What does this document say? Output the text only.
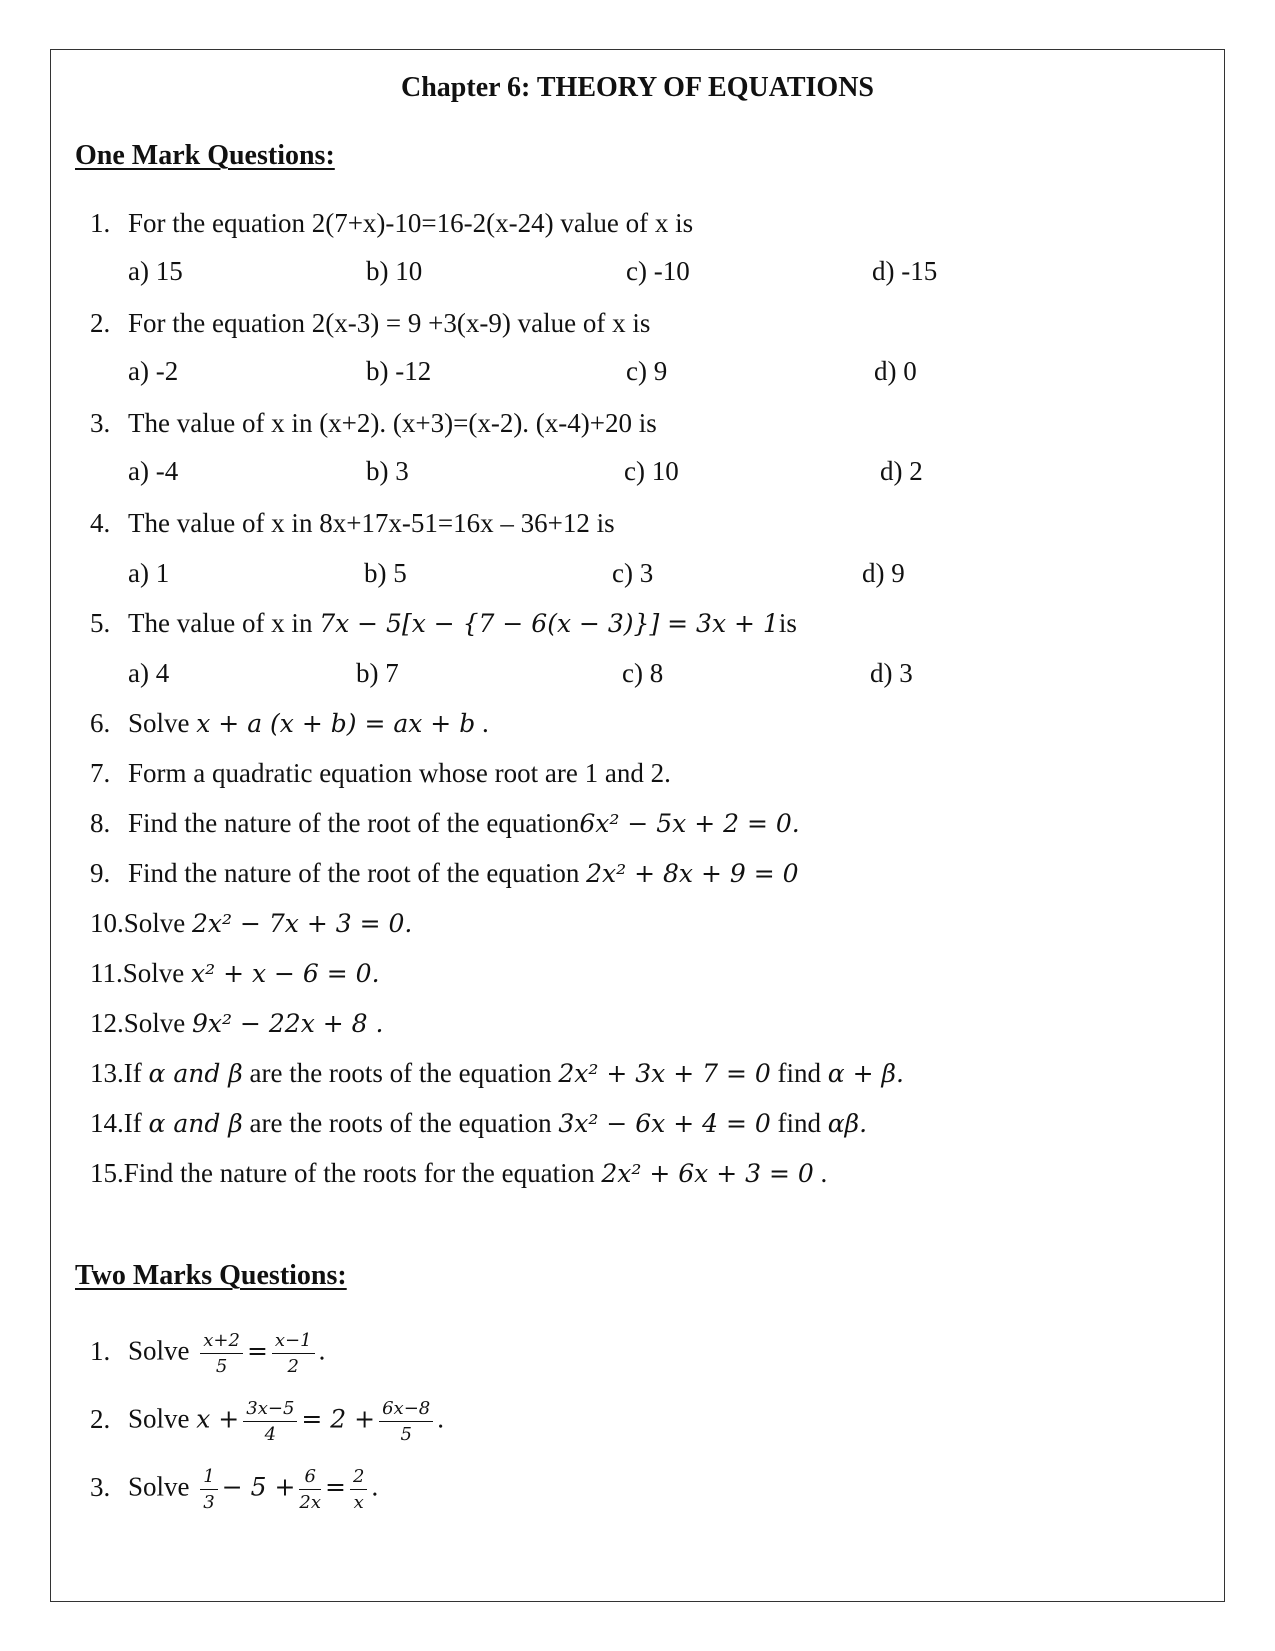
Chapter 6: THEORY OF EQUATIONS
One Mark Questions:
1. For the equation 2(7+x)-10=16-2(x-24) value of x is
a) 15	b) 10	c) -10	d) -15
2. For the equation 2(x-3) = 9 +3(x-9) value of x is
a) -2	b) -12	c) 9	d) 0
3. The value of x in (x+2). (x+3)=(x-2). (x-4)+20 is
a) -4	b) 3	c) 10	d) 2
4. The value of x in 8x+17x-51=16x – 36+12 is
a) 1	b) 5	c) 3	d) 9
5. The value of x in 7x − 5[x − {7 − 6(x − 3)}] = 3x + 1is
a) 4	b) 7	c) 8	d) 3
6. Solve x + a (x + b) = ax + b .
7. Form a quadratic equation whose root are 1 and 2.
8. Find the nature of the root of the equation6x² − 5x + 2 = 0.
9. Find the nature of the root of the equation 2x² + 8x + 9 = 0
10.Solve 2x² − 7x + 3 = 0.
11.Solve x² + x − 6 = 0.
12.Solve 9x² − 22x + 8 .
13.If α and β are the roots of the equation 2x² + 3x + 7 = 0 find α + β.
14.If α and β are the roots of the equation 3x² − 6x + 4 = 0 find αβ.
15.Find the nature of the roots for the equation 2x² + 6x + 3 = 0 .
Two Marks Questions:
1. Solve $\frac{x+2}{5} = \frac{x-1}{2}$ .
2. Solve $x + \frac{3x-5}{4} = 2 + \frac{6x-8}{5}$ .
3. Solve $\frac{1}{3} - 5 + \frac{6}{2x} = \frac{2}{x}$ .
